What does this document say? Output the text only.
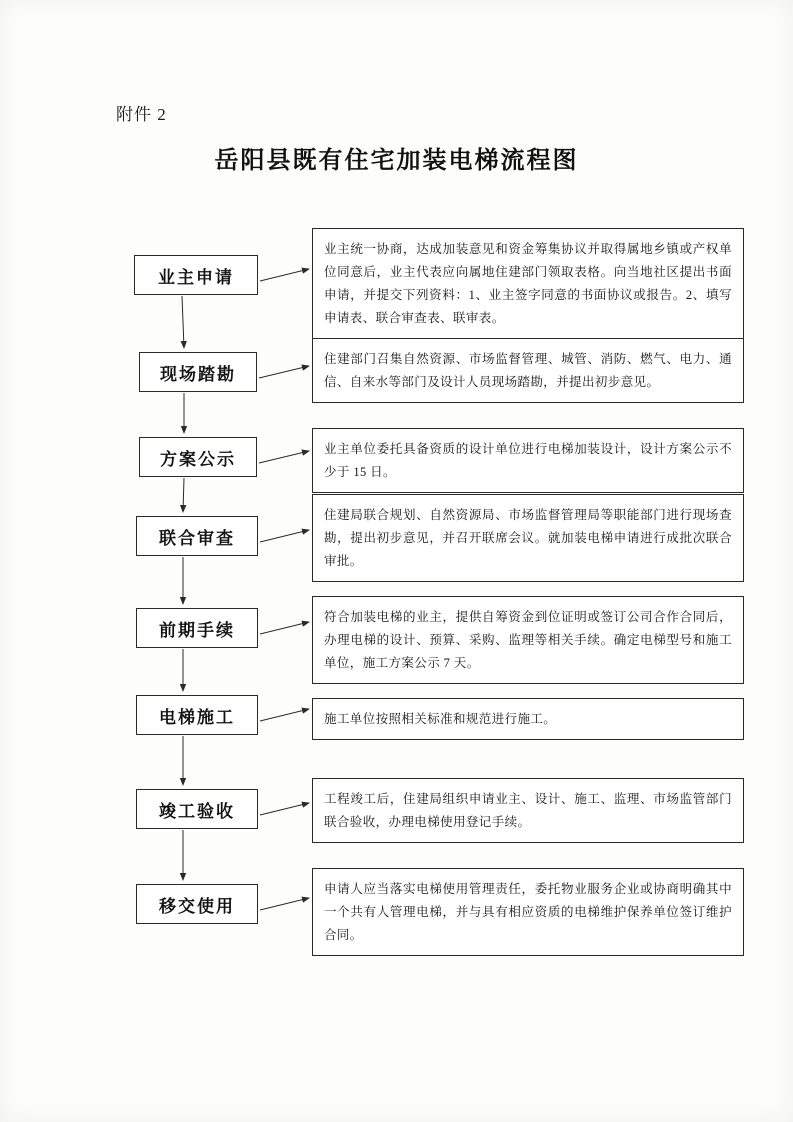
附件 2
岳阳县既有住宅加装电梯流程图
业主申请
业主统一协商，达成加装意见和资金筹集协议并取得属地乡镇或产权单位同意后，业主代表应向属地住建部门领取表格。向当地社区提出书面申请，并提交下列资料：1、业主签字同意的书面协议或报告。2、填写申请表、联合审查表、联审表。
现场踏勘
住建部门召集自然资源、市场监督管理、城管、消防、燃气、电力、通信、自来水等部门及设计人员现场踏勘，并提出初步意见。
方案公示
业主单位委托具备资质的设计单位进行电梯加装设计，设计方案公示不少于 15 日。
联合审查
住建局联合规划、自然资源局、市场监督管理局等职能部门进行现场查勘，提出初步意见，并召开联席会议。就加装电梯申请进行成批次联合审批。
前期手续
符合加装电梯的业主，提供自筹资金到位证明或签订公司合作合同后，办理电梯的设计、预算、采购、监理等相关手续。确定电梯型号和施工单位，施工方案公示 7 天。
电梯施工	施工单位按照相关标准和规范进行施工。
竣工验收
工程竣工后，住建局组织申请业主、设计、施工、监理、市场监管部门联合验收，办理电梯使用登记手续。
移交使用
申请人应当落实电梯使用管理责任，委托物业服务企业或协商明确其中一个共有人管理电梯，并与具有相应资质的电梯维护保养单位签订维护合同。
